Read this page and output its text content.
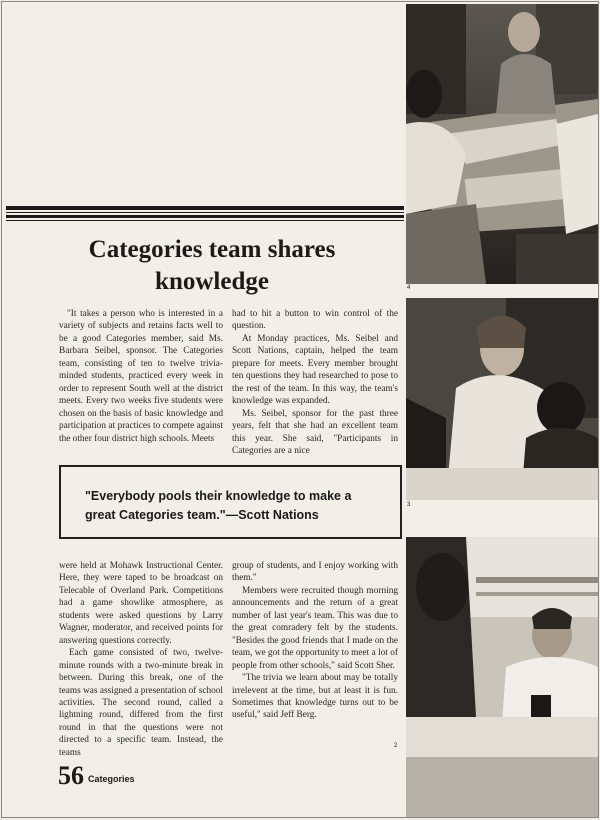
Categories team shares
knowledge

"It takes a person who is interested in a variety of subjects and retains facts well to be a good Categories member, said Ms. Barbara Seibel, sponsor. The Categories team, consisting of ten to twelve trivia-minded students, practiced every week in order to represent South well at the district meets. Every two weeks five students were chosen on the basis of basic knowledge and participation at practices to compete against the other four district high schools. Meets

had to hit a button to win control of the question.

At Monday practices, Ms. Seibel and Scott Nations, captain, helped the team prepare for meets. Every member brought ten questions they had researched to pose to the rest of the team. In this way, the team's knowledge was expanded.

Ms. Seibel, sponsor for the past three years, felt that she had an excellent team this year. She said, "Participants in Categories are a nice

"Everybody pools their knowledge to make a great Categories team."—Scott Nations

were held at Mohawk Instructional Center. Here, they were taped to be broadcast on Telecable of Overland Park. Competitions had a game showlike atmosphere, as students were asked questions by Larry Wagner, moderator, and received points for answering questions correctly.

Each game consisted of two, twelve-minute rounds with a two-minute break in between. During this break, one of the teams was assigned a presentation of school activities. The second round, called a lightning round, differed from the first round in that the questions were not directed to a specific team. Instead, the teams

group of students, and I enjoy working with them."

Members were recruited though morning announcements and the return of a great number of last year's team. This was due to the great comradery felt by the students. "Besides the good friends that I made on the team, we got the opportunity to meet a lot of people from other schools," said Scott Sher.

"The trivia we learn about may be totally irrelevent at the time, but at least it is fun. Sometimes that knowledge turns out to be useful," said Jeff Berg.

56 Categories
4
3
2
